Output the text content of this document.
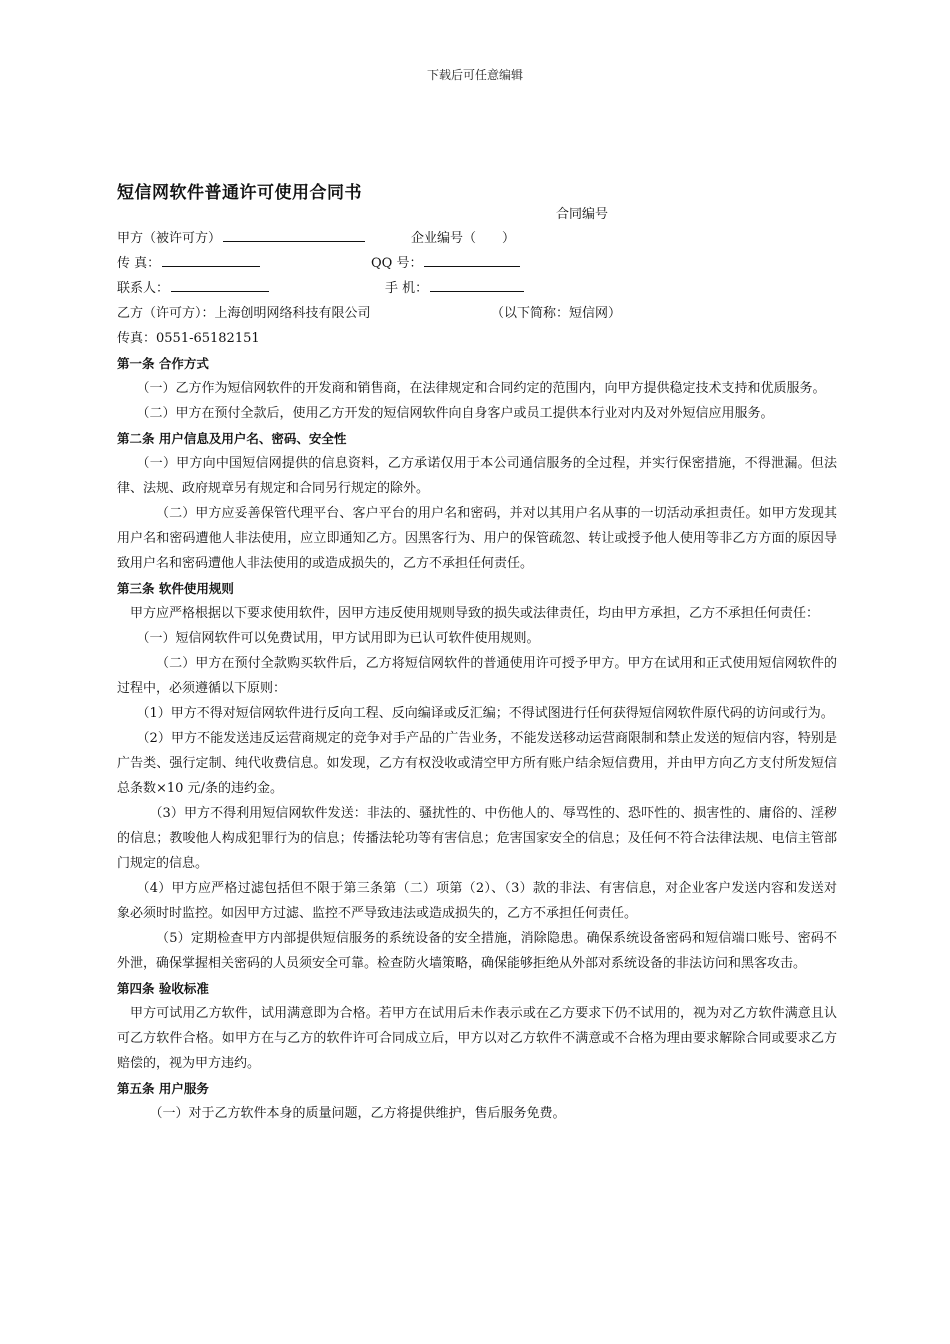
下载后可任意编辑
短信网软件普通许可使用合同书
合同编号
甲方（被许可方）	企业编号（　　）
传 真：	QQ 号：
联系人：	手 机：
乙方（许可方）：上海创明网络科技有限公司	（以下简称：短信网）
传真：0551-65182151
第一条 合作方式
（一）乙方作为短信网软件的开发商和销售商，在法律规定和合同约定的范围内，向甲方提供稳定技术支持和优质服务。
（二）甲方在预付全款后，使用乙方开发的短信网软件向自身客户或员工提供本行业对内及对外短信应用服务。
第二条 用户信息及用户名、密码、安全性
（一）甲方向中国短信网提供的信息资料，乙方承诺仅用于本公司通信服务的全过程，并实行保密措施，不得泄漏。但法律、法规、政府规章另有规定和合同另行规定的除外。
（二）甲方应妥善保管代理平台、客户平台的用户名和密码，并对以其用户名从事的一切活动承担责任。如甲方发现其用户名和密码遭他人非法使用，应立即通知乙方。因黑客行为、用户的保管疏忽、转让或授予他人使用等非乙方方面的原因导致用户名和密码遭他人非法使用的或造成损失的，乙方不承担任何责任。
第三条 软件使用规则
甲方应严格根据以下要求使用软件，因甲方违反使用规则导致的损失或法律责任，均由甲方承担，乙方不承担任何责任：
（一）短信网软件可以免费试用，甲方试用即为已认可软件使用规则。
（二）甲方在预付全款购买软件后，乙方将短信网软件的普通使用许可授予甲方。甲方在试用和正式使用短信网软件的过程中，必须遵循以下原则：
（1）甲方不得对短信网软件进行反向工程、反向编译或反汇编；不得试图进行任何获得短信网软件原代码的访问或行为。
（2）甲方不能发送违反运营商规定的竞争对手产品的广告业务，不能发送移动运营商限制和禁止发送的短信内容，特别是广告类、强行定制、纯代收费信息。如发现，乙方有权没收或清空甲方所有账户结余短信费用，并由甲方向乙方支付所发短信总条数×10 元/条的违约金。
（3）甲方不得利用短信网软件发送：非法的、骚扰性的、中伤他人的、辱骂性的、恐吓性的、损害性的、庸俗的、淫秽的信息；教唆他人构成犯罪行为的信息；传播法轮功等有害信息；危害国家安全的信息；及任何不符合法律法规、电信主管部门规定的信息。
（4）甲方应严格过滤包括但不限于第三条第（二）项第（2）、（3）款的非法、有害信息，对企业客户发送内容和发送对象必须时时监控。如因甲方过滤、监控不严导致违法或造成损失的，乙方不承担任何责任。
（5）定期检查甲方内部提供短信服务的系统设备的安全措施，消除隐患。确保系统设备密码和短信端口账号、密码不外泄，确保掌握相关密码的人员须安全可靠。检查防火墙策略，确保能够拒绝从外部对系统设备的非法访问和黑客攻击。
第四条 验收标准
甲方可试用乙方软件，试用满意即为合格。若甲方在试用后未作表示或在乙方要求下仍不试用的，视为对乙方软件满意且认可乙方软件合格。如甲方在与乙方的软件许可合同成立后，甲方以对乙方软件不满意或不合格为理由要求解除合同或要求乙方赔偿的，视为甲方违约。
第五条 用户服务
（一）对于乙方软件本身的质量问题，乙方将提供维护，售后服务免费。
